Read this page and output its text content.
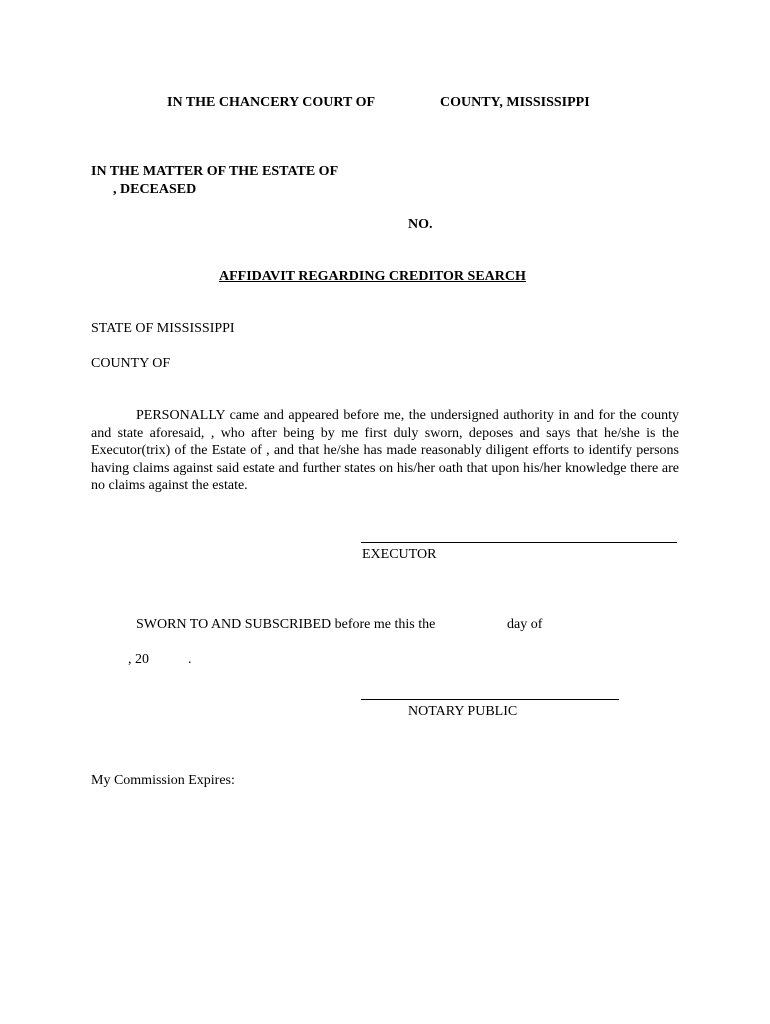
IN THE CHANCERY COURT OF	COUNTY, MISSISSIPPI
IN THE MATTER OF THE ESTATE OF
, DECEASED
NO.
AFFIDAVIT REGARDING CREDITOR SEARCH
STATE OF MISSISSIPPI
COUNTY OF
PERSONALLY came and appeared before me, the undersigned authority in and for the county and state aforesaid, , who after being by me first duly sworn, deposes and says that he/she is the Executor(trix) of the Estate of , and that he/she has made reasonably diligent efforts to identify persons having claims against said estate and further states on his/her oath that upon his/her knowledge there are no claims against the estate.
EXECUTOR
SWORN TO AND SUBSCRIBED before me this the	day of
, 20	.
NOTARY PUBLIC
My Commission Expires:
